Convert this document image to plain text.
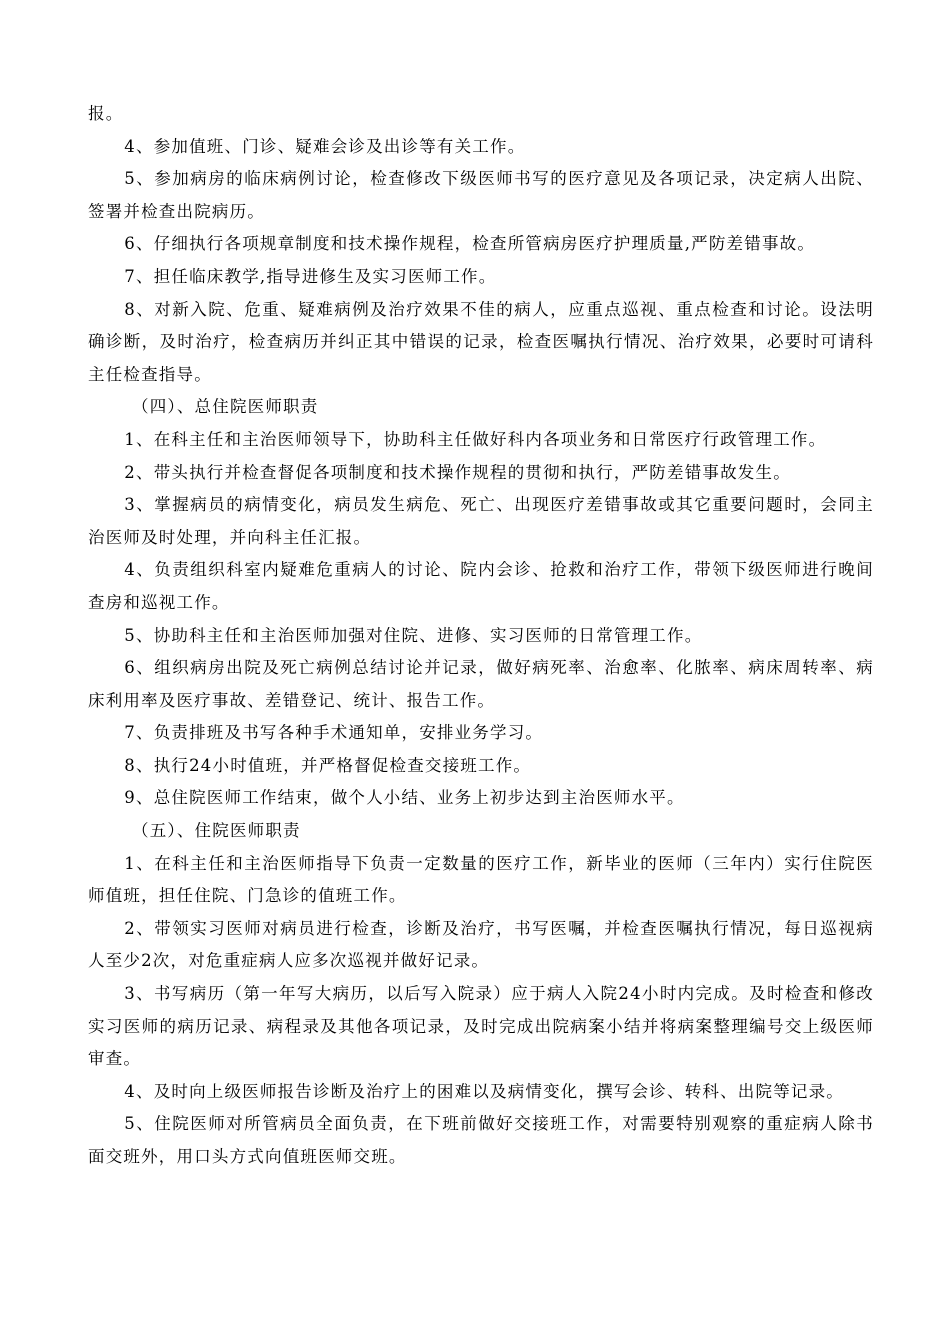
报。

4、参加值班、门诊、疑难会诊及出诊等有关工作。

5、参加病房的临床病例讨论，检查修改下级医师书写的医疗意见及各项记录，决定病人出院、签署并检查出院病历。

6、仔细执行各项规章制度和技术操作规程，检查所管病房医疗护理质量,严防差错事故。

7、担任临床教学,指导进修生及实习医师工作。

8、对新入院、危重、疑难病例及治疗效果不佳的病人，应重点巡视、重点检查和讨论。设法明确诊断，及时治疗，检查病历并纠正其中错误的记录，检查医嘱执行情况、治疗效果，必要时可请科主任检查指导。

（四）、总住院医师职责

1、在科主任和主治医师领导下，协助科主任做好科内各项业务和日常医疗行政管理工作。

2、带头执行并检查督促各项制度和技术操作规程的贯彻和执行，严防差错事故发生。

3、掌握病员的病情变化，病员发生病危、死亡、出现医疗差错事故或其它重要问题时，会同主治医师及时处理，并向科主任汇报。

4、负责组织科室内疑难危重病人的讨论、院内会诊、抢救和治疗工作，带领下级医师进行晚间查房和巡视工作。

5、协助科主任和主治医师加强对住院、进修、实习医师的日常管理工作。

6、组织病房出院及死亡病例总结讨论并记录，做好病死率、治愈率、化脓率、病床周转率、病床利用率及医疗事故、差错登记、统计、报告工作。

7、负责排班及书写各种手术通知单，安排业务学习。

8、执行24小时值班，并严格督促检查交接班工作。

9、总住院医师工作结束，做个人小结、业务上初步达到主治医师水平。

（五）、住院医师职责

1、在科主任和主治医师指导下负责一定数量的医疗工作，新毕业的医师（三年内）实行住院医师值班，担任住院、门急诊的值班工作。

2、带领实习医师对病员进行检查，诊断及治疗，书写医嘱，并检查医嘱执行情况，每日巡视病人至少2次，对危重症病人应多次巡视并做好记录。

3、书写病历（第一年写大病历，以后写入院录）应于病人入院24小时内完成。及时检查和修改实习医师的病历记录、病程录及其他各项记录，及时完成出院病案小结并将病案整理编号交上级医师审查。

4、及时向上级医师报告诊断及治疗上的困难以及病情变化，撰写会诊、转科、出院等记录。

5、住院医师对所管病员全面负责，在下班前做好交接班工作，对需要特别观察的重症病人除书面交班外，用口头方式向值班医师交班。
